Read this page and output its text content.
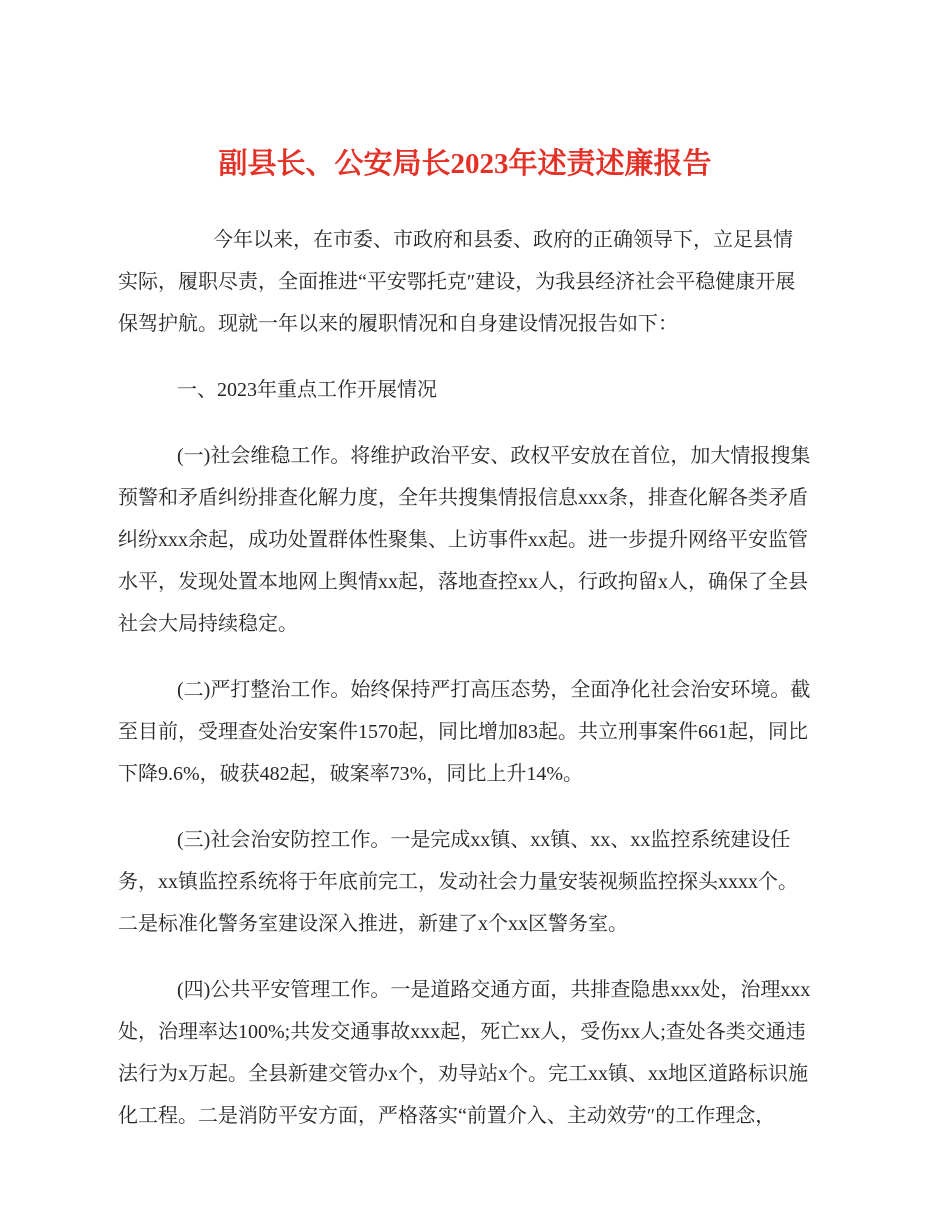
副县长、公安局长2023年述责述廉报告

今年以来，在市委、市政府和县委、政府的正确领导下，立足县情实际，履职尽责，全面推进“平安鄂托克″建设，为我县经济社会平稳健康开展保驾护航。现就一年以来的履职情况和自身建设情况报告如下：

一、2023年重点工作开展情况

(一)社会维稳工作。将维护政治平安、政权平安放在首位，加大情报搜集预警和矛盾纠纷排查化解力度，全年共搜集情报信息xxx条，排查化解各类矛盾纠纷xxx余起，成功处置群体性聚集、上访事件xx起。进一步提升网络平安监管水平，发现处置本地网上舆情xx起，落地查控xx人，行政拘留x人，确保了全县社会大局持续稳定。

(二)严打整治工作。始终保持严打高压态势，全面净化社会治安环境。截至目前，受理查处治安案件1570起，同比增加83起。共立刑事案件661起，同比下降9.6%，破获482起，破案率73%，同比上升14%。

(三)社会治安防控工作。一是完成xx镇、xx镇、xx、xx监控系统建设任务，xx镇监控系统将于年底前完工，发动社会力量安装视频监控探头xxxx个。二是标准化警务室建设深入推进，新建了x个xx区警务室。

(四)公共平安管理工作。一是道路交通方面，共排查隐患xxx处，治理xxx处，治理率达100%;共发交通事故xxx起，死亡xx人，受伤xx人;查处各类交通违法行为x万起。全县新建交管办x个，劝导站x个。完工xx镇、xx地区道路标识施化工程。二是消防平安方面，严格落实“前置介入、主动效劳″的工作理念，
